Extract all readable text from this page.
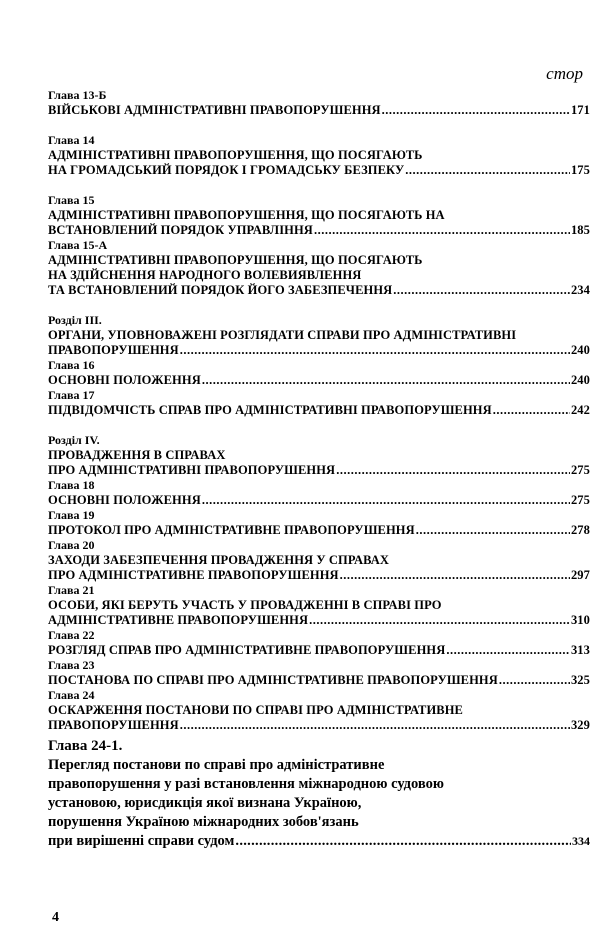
стор
Глава 13-Б
ВІЙСЬКОВІ АДМІНІСТРАТИВНІ ПРАВОПОРУШЕННЯ .....	171
Глава 14
АДМІНІСТРАТИВНІ ПРАВОПОРУШЕННЯ, ЩО ПОСЯГАЮТЬ
НА ГРОМАДСЬКИЙ ПОРЯДОК І ГРОМАДСЬКУ БЕЗПЕКУ .....	175
Глава 15
АДМІНІСТРАТИВНІ ПРАВОПОРУШЕННЯ, ЩО ПОСЯГАЮТЬ НА
ВСТАНОВЛЕНИЙ ПОРЯДОК УПРАВЛІННЯ .....	185
Глава 15-А
АДМІНІСТРАТИВНІ ПРАВОПОРУШЕННЯ, ЩО ПОСЯГАЮТЬ
НА ЗДІЙСНЕННЯ НАРОДНОГО ВОЛЕВИЯВЛЕННЯ
ТА ВСТАНОВЛЕНИЙ ПОРЯДОК ЙОГО ЗАБЕЗПЕЧЕННЯ .....	234
Розділ ІІІ.
ОРГАНИ, УПОВНОВАЖЕНІ РОЗГЛЯДАТИ СПРАВИ ПРО АДМІНІСТРАТИВНІ
ПРАВОПОРУШЕННЯ .....	240
Глава 16
ОСНОВНІ ПОЛОЖЕННЯ .....	240
Глава 17
ПІДВІДОМЧІСТЬ СПРАВ ПРО АДМІНІСТРАТИВНІ ПРАВОПОРУШЕННЯ .....	242
Розділ IV.
ПРОВАДЖЕННЯ В СПРАВАХ
ПРО АДМІНІСТРАТИВНІ ПРАВОПОРУШЕННЯ .....	275
Глава 18
ОСНОВНІ ПОЛОЖЕННЯ .....	275
Глава 19
ПРОТОКОЛ ПРО АДМІНІСТРАТИВНЕ ПРАВОПОРУШЕННЯ .....	278
Глава 20
ЗАХОДИ ЗАБЕЗПЕЧЕННЯ ПРОВАДЖЕННЯ У СПРАВАХ
ПРО АДМІНІСТРАТИВНЕ ПРАВОПОРУШЕННЯ .....	297
Глава 21
ОСОБИ, ЯКІ БЕРУТЬ УЧАСТЬ У ПРОВАДЖЕННІ В СПРАВІ ПРО
АДМІНІСТРАТИВНЕ ПРАВОПОРУШЕННЯ .....	310
Глава 22
РОЗГЛЯД СПРАВ ПРО АДМІНІСТРАТИВНЕ ПРАВОПОРУШЕННЯ .....	313
Глава 23
ПОСТАНОВА ПО СПРАВІ ПРО АДМІНІСТРАТИВНЕ ПРАВОПОРУШЕННЯ .....	325
Глава 24
ОСКАРЖЕННЯ ПОСТАНОВИ ПО СПРАВІ ПРО АДМІНІСТРАТИВНЕ
ПРАВОПОРУШЕННЯ .....	329
Глава 24-1.
Перегляд постанови по справі про адміністративне
правопорушення у разі встановлення міжнародною судовою
установою, юрисдикція якої визнана Україною,
порушення Україною міжнародних зобов'язань
при вирішенні справи судом .....	334
4
